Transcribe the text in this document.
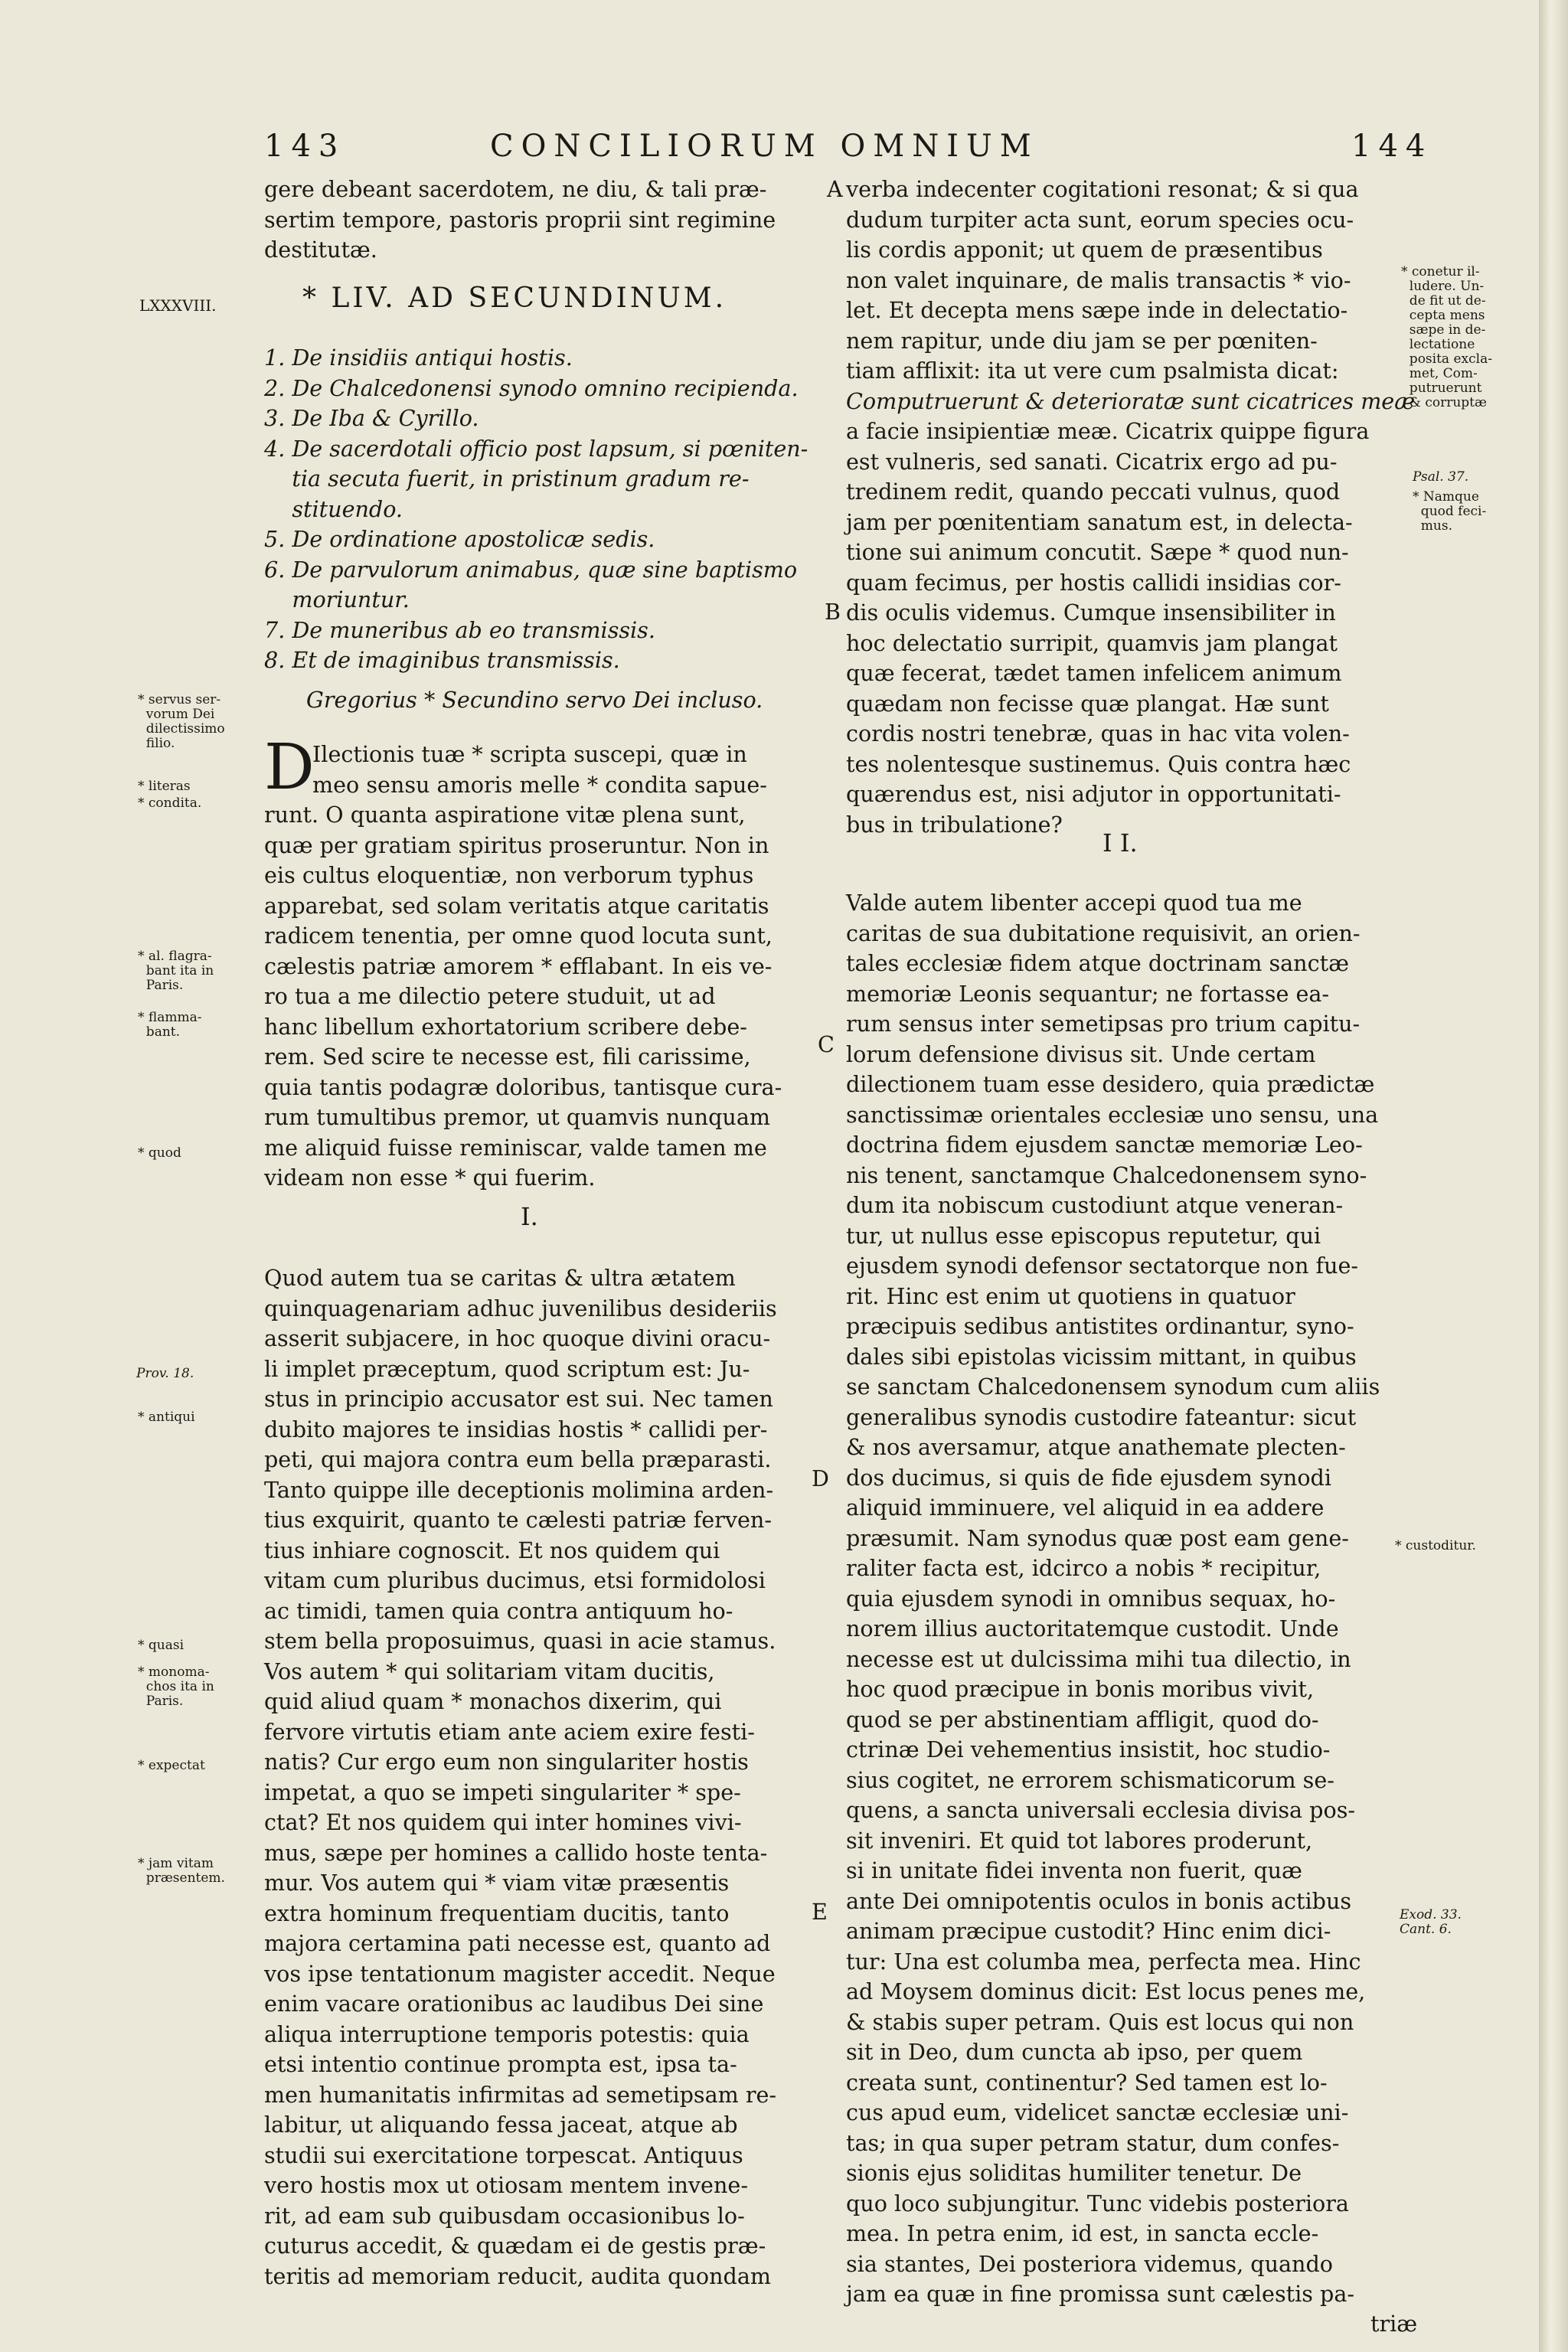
143	CONCILIORUM OMNIUM	144

gere debeant sacerdotem, ne diu, & tali præ-

sertim tempore, pastoris proprii sint regimine

destitutæ.

* LIV. AD SECUNDINUM.
LXXXVIII.

1. De insidiis antiqui hostis.

2. De Chalcedonensi synodo omnino recipienda.

3. De Iba & Cyrillo.

4. De sacerdotali officio post lapsum, si pœniten-

tia secuta fuerit, in pristinum gradum re-

stituendo.

5. De ordinatione apostolicæ sedis.

6. De parvulorum animabus, quæ sine baptismo

moriuntur.

7. De muneribus ab eo transmissis.

8. Et de imaginibus transmissis.

Gregorius * Secundino servo Dei incluso.
D

Ilectionis tuæ * scripta suscepi, quæ in

meo sensu amoris melle * condita sapue-

runt. O quanta aspiratione vitæ plena sunt,

quæ per gratiam spiritus proseruntur. Non in

eis cultus eloquentiæ, non verborum typhus

apparebat, sed solam veritatis atque caritatis

radicem tenentia, per omne quod locuta sunt,

cælestis patriæ amorem * efflabant. In eis ve-

ro tua a me dilectio petere studuit, ut ad

hanc libellum exhortatorium scribere debe-

rem. Sed scire te necesse est, fili carissime,

quia tantis podagræ doloribus, tantisque cura-

rum tumultibus premor, ut quamvis nunquam

me aliquid fuisse reminiscar, valde tamen me

videam non esse * qui fuerim.

I.

Quod autem tua se caritas & ultra ætatem

quinquagenariam adhuc juvenilibus desideriis

asserit subjacere, in hoc quoque divini oracu-

li implet præceptum, quod scriptum est: Ju-

stus in principio accusator est sui. Nec tamen

dubito majores te insidias hostis * callidi per-

peti, qui majora contra eum bella præparasti.

Tanto quippe ille deceptionis molimina arden-

tius exquirit, quanto te cælesti patriæ ferven-

tius inhiare cognoscit. Et nos quidem qui

vitam cum pluribus ducimus, etsi formidolosi

ac timidi, tamen quia contra antiquum ho-

stem bella proposuimus, quasi in acie stamus.

Vos autem * qui solitariam vitam ducitis,

quid aliud quam * monachos dixerim, qui

fervore virtutis etiam ante aciem exire festi-

natis? Cur ergo eum non singulariter hostis

impetat, a quo se impeti singulariter * spe-

ctat? Et nos quidem qui inter homines vivi-

mus, sæpe per homines a callido hoste tenta-

mur. Vos autem qui * viam vitæ præsentis

extra hominum frequentiam ducitis, tanto

majora certamina pati necesse est, quanto ad

vos ipse tentationum magister accedit. Neque

enim vacare orationibus ac laudibus Dei sine

aliqua interruptione temporis potestis: quia

etsi intentio continue prompta est, ipsa ta-

men humanitatis infirmitas ad semetipsam re-

labitur, ut aliquando fessa jaceat, atque ab

studii sui exercitatione torpescat. Antiquus

vero hostis mox ut otiosam mentem invene-

rit, ad eam sub quibusdam occasionibus lo-

cuturus accedit, & quædam ei de gestis præ-

teritis ad memoriam reducit, audita quondam

verba indecenter cogitationi resonat; & si qua

dudum turpiter acta sunt, eorum species ocu-

lis cordis apponit; ut quem de præsentibus

non valet inquinare, de malis transactis * vio-

let. Et decepta mens sæpe inde in delectatio-

nem rapitur, unde diu jam se per pœniten-

tiam afflixit: ita ut vere cum psalmista dicat:

Computruerunt & deterioratæ sunt cicatrices meæ

a facie insipientiæ meæ. Cicatrix quippe figura

est vulneris, sed sanati. Cicatrix ergo ad pu-

tredinem redit, quando peccati vulnus, quod

jam per pœnitentiam sanatum est, in delecta-

tione sui animum concutit. Sæpe * quod nun-

quam fecimus, per hostis callidi insidias cor-

dis oculis videmus. Cumque insensibiliter in

hoc delectatio surripit, quamvis jam plangat

quæ fecerat, tædet tamen infelicem animum

quædam non fecisse quæ plangat. Hæ sunt

cordis nostri tenebræ, quas in hac vita volen-

tes nolentesque sustinemus. Quis contra hæc

quærendus est, nisi adjutor in opportunitati-

bus in tribulatione?

I I.

Valde autem libenter accepi quod tua me

caritas de sua dubitatione requisivit, an orien-

tales ecclesiæ fidem atque doctrinam sanctæ

memoriæ Leonis sequantur; ne fortasse ea-

rum sensus inter semetipsas pro trium capitu-

lorum defensione divisus sit. Unde certam

dilectionem tuam esse desidero, quia prædictæ

sanctissimæ orientales ecclesiæ uno sensu, una

doctrina fidem ejusdem sanctæ memoriæ Leo-

nis tenent, sanctamque Chalcedonensem syno-

dum ita nobiscum custodiunt atque veneran-

tur, ut nullus esse episcopus reputetur, qui

ejusdem synodi defensor sectatorque non fue-

rit. Hinc est enim ut quotiens in quatuor

præcipuis sedibus antistites ordinantur, syno-

dales sibi epistolas vicissim mittant, in quibus

se sanctam Chalcedonensem synodum cum aliis

generalibus synodis custodire fateantur: sicut

& nos aversamur, atque anathemate plecten-

dos ducimus, si quis de fide ejusdem synodi

aliquid imminuere, vel aliquid in ea addere

præsumit. Nam synodus quæ post eam gene-

raliter facta est, idcirco a nobis * recipitur,

quia ejusdem synodi in omnibus sequax, ho-

norem illius auctoritatemque custodit. Unde

necesse est ut dulcissima mihi tua dilectio, in

hoc quod præcipue in bonis moribus vivit,

quod se per abstinentiam affligit, quod do-

ctrinæ Dei vehementius insistit, hoc studio-

sius cogitet, ne errorem schismaticorum se-

quens, a sancta universali ecclesia divisa pos-

sit inveniri. Et quid tot labores proderunt,

si in unitate fidei inventa non fuerit, quæ

ante Dei omnipotentis oculos in bonis actibus

animam præcipue custodit? Hinc enim dici-

tur: Una est columba mea, perfecta mea. Hinc

ad Moysem dominus dicit: Est locus penes me,

& stabis super petram. Quis est locus qui non

sit in Deo, dum cuncta ab ipso, per quem

creata sunt, continentur? Sed tamen est lo-

cus apud eum, videlicet sanctæ ecclesiæ uni-

tas; in qua super petram statur, dum confes-

sionis ejus soliditas humiliter tenetur. De

quo loco subjungitur. Tunc videbis posteriora

mea. In petra enim, id est, in sancta eccle-

sia stantes, Dei posteriora videmus, quando

jam ea quæ in fine promissa sunt cælestis pa-

triæ
A
B
C
D
E
* servus ser-
vorum Dei
dilectissimo
filio.
* literas
* condita.
* al. flagra-
bant ita in
Paris.
* flamma-
bant.
* quod
Prov. 18.
* antiqui
* quasi
* monoma-
chos ita in
Paris.
* expectat
* jam vitam
præsentem.
* conetur il-
ludere. Un-
de fit ut de-
cepta mens
sæpe in de-
lectatione
posita excla-
met, Com-
putruerunt
& corruptæ
Psal. 37.
* Namque
quod feci-
mus.
* custoditur.
Exod. 33.
Cant. 6.
